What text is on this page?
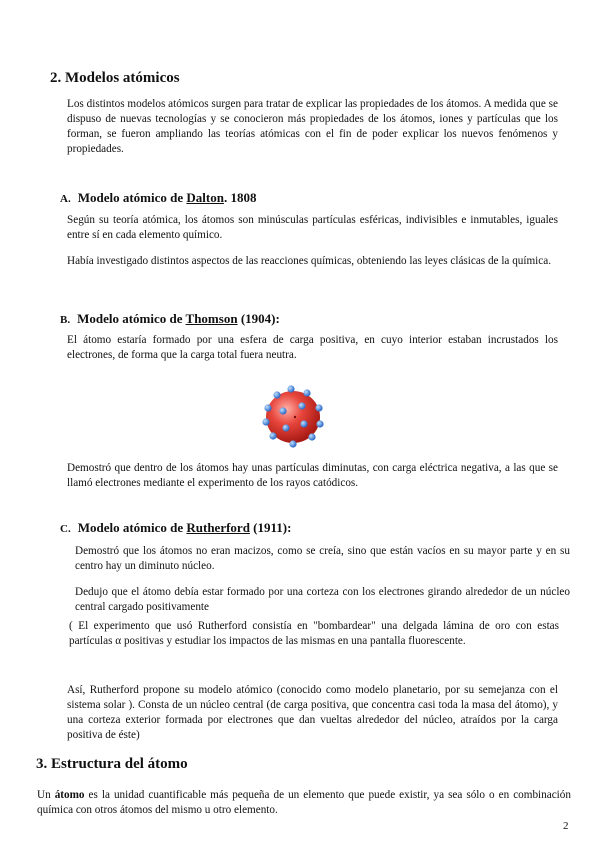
2. Modelos atómicos
Los distintos modelos atómicos surgen para tratar de explicar las propiedades de los átomos. A medida que se dispuso de nuevas tecnologías y se conocieron más propiedades de los átomos, iones y partículas que los forman, se fueron ampliando las teorías atómicas con el fin de poder explicar los nuevos fenómenos y propiedades.
A. Modelo atómico de Dalton. 1808
Según su teoría atómica, los átomos son minúsculas partículas esféricas, indivisibles e inmutables, iguales entre sí en cada elemento químico.
Había investigado distintos aspectos de las reacciones químicas, obteniendo las leyes clásicas de la química.
B. Modelo atómico de Thomson (1904):
El átomo estaría formado por una esfera de carga positiva, en cuyo interior estaban incrustados los electrones, de forma que la carga total fuera neutra.
Demostró que dentro de los átomos hay unas partículas diminutas, con carga eléctrica negativa, a las que se llamó electrones mediante el experimento de los rayos catódicos.
C. Modelo atómico de Rutherford (1911):
Demostró que los átomos no eran macizos, como se creía, sino que están vacíos en su mayor parte y en su centro hay un diminuto núcleo.
Dedujo que el átomo debía estar formado por una corteza con los electrones girando alrededor de un núcleo central cargado positivamente
( El experimento que usó Rutherford consistía en "bombardear" una delgada lámina de oro con estas partículas α positivas y estudiar los impactos de las mismas en una pantalla fluorescente.
Así, Rutherford propone su modelo atómico (conocido como modelo planetario, por su semejanza con el sistema solar ). Consta de un núcleo central (de carga positiva, que concentra casi toda la masa del átomo), y una corteza exterior formada por electrones que dan vueltas alrededor del núcleo, atraídos por la carga positiva de éste)
3. Estructura del átomo
Un átomo es la unidad cuantificable más pequeña de un elemento que puede existir, ya sea sólo o en combinación química con otros átomos del mismo u otro elemento.
2
